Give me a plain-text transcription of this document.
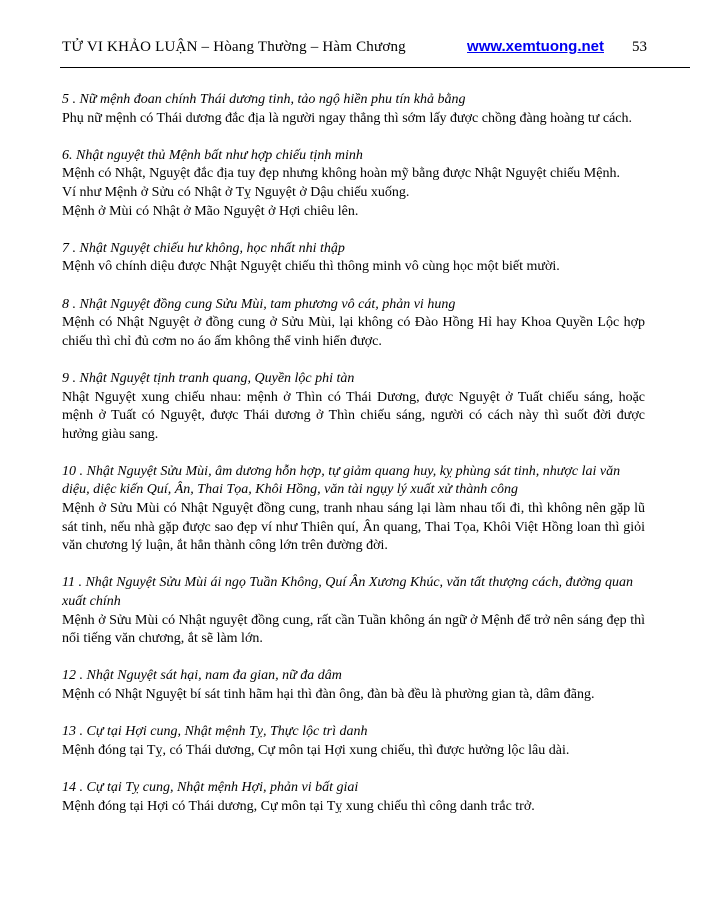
TỬ VI KHẢO LUẬN – Hòang Thường – Hàm Chương	www.xemtuong.net 53

5 . Nữ mệnh đoan chính Thái dương tinh, tảo ngộ hiền phu tín khả bằng

Phụ nữ mệnh có Thái dương đắc địa là người ngay thẳng thì sớm lấy được chồng đàng hoàng tư cách.

6. Nhật nguyệt thủ Mệnh bất như hợp chiếu tịnh minh

Mệnh có Nhật, Nguyệt đắc địa tuy đẹp nhưng không hoàn mỹ bằng được Nhật Nguyệt chiếu Mệnh.

Ví như Mệnh ở Sửu có Nhật ở Tỵ Nguyệt ở Dậu chiếu xuống.

Mệnh ở Mùi có Nhật ở Mão Nguyệt ở Hợi chiêu lên.

7 . Nhật Nguyệt chiếu hư không, học nhất nhi thập

Mệnh vô chính diệu được Nhật Nguyệt chiếu thì thông minh vô cùng học một biết mười.

8 . Nhật Nguyệt đồng cung Sửu Mùi, tam phương vô cát, phản vi hung

Mệnh có Nhật Nguyệt ở đồng cung ở Sửu Mùi, lại không có Đào Hồng Hỉ hay Khoa Quyền Lộc hợp chiếu thì chỉ đủ cơm no áo ấm không thể vinh hiển được.

9 . Nhật Nguyệt tịnh tranh quang, Quyền lộc phi tàn

Nhật Nguyệt xung chiếu nhau: mệnh ở Thìn có Thái Dương, được Nguyệt ở Tuất chiếu sáng, hoặc mệnh ở Tuất có Nguyệt, được Thái dương ở Thìn chiếu sáng, người có cách này thì suốt đời được hưởng giàu sang.

10 . Nhật Nguyệt Sửu Mùi, âm dương hỗn hợp, tự giảm quang huy, kỵ phùng sát tinh, nhược lai văn diệu, diệc kiến Quí, Ân, Thai Tọa, Khôi Hồng, văn tài ngụy lý xuất xử thành công

Mệnh ở Sửu Mùi có Nhật Nguyệt đồng cung, tranh nhau sáng lại làm nhau tối đi, thì không nên gặp lũ sát tinh, nếu nhà gặp được sao đẹp ví như Thiên quí, Ân quang, Thai Tọa, Khôi Việt Hồng loan thì giỏi văn chương lý luận, ắt hẳn thành công lớn trên đường đời.

11 . Nhật Nguyệt Sửu Mùi ái ngọ Tuần Không, Quí Ân Xương Khúc, văn tất thượng cách, đường quan xuất chính

Mệnh ở Sửu Mùi có Nhật nguyệt đồng cung, rất cần Tuần không án ngữ ở Mệnh để trở nên sáng đẹp thì nổi tiếng văn chương, ắt sẽ làm lớn.

12 . Nhật Nguyệt sát hại, nam đa gian, nữ đa dâm

Mệnh có Nhật Nguyệt bí sát tinh hãm hại thì đàn ông, đàn bà đều là phường gian tà, dâm đãng.

13 . Cự tại Hợi cung, Nhật mệnh Tỵ, Thực lộc trì danh

Mệnh đóng tại Tỵ, có Thái dương, Cự môn tại Hợi xung chiếu, thì được hưởng lộc lâu dài.

14 . Cự tại Tỵ cung, Nhật mệnh Hợi, phản vi bất giai

Mệnh đóng tại Hợi có Thái dương, Cự môn tại Tỵ xung chiếu thì công danh trắc trở.
